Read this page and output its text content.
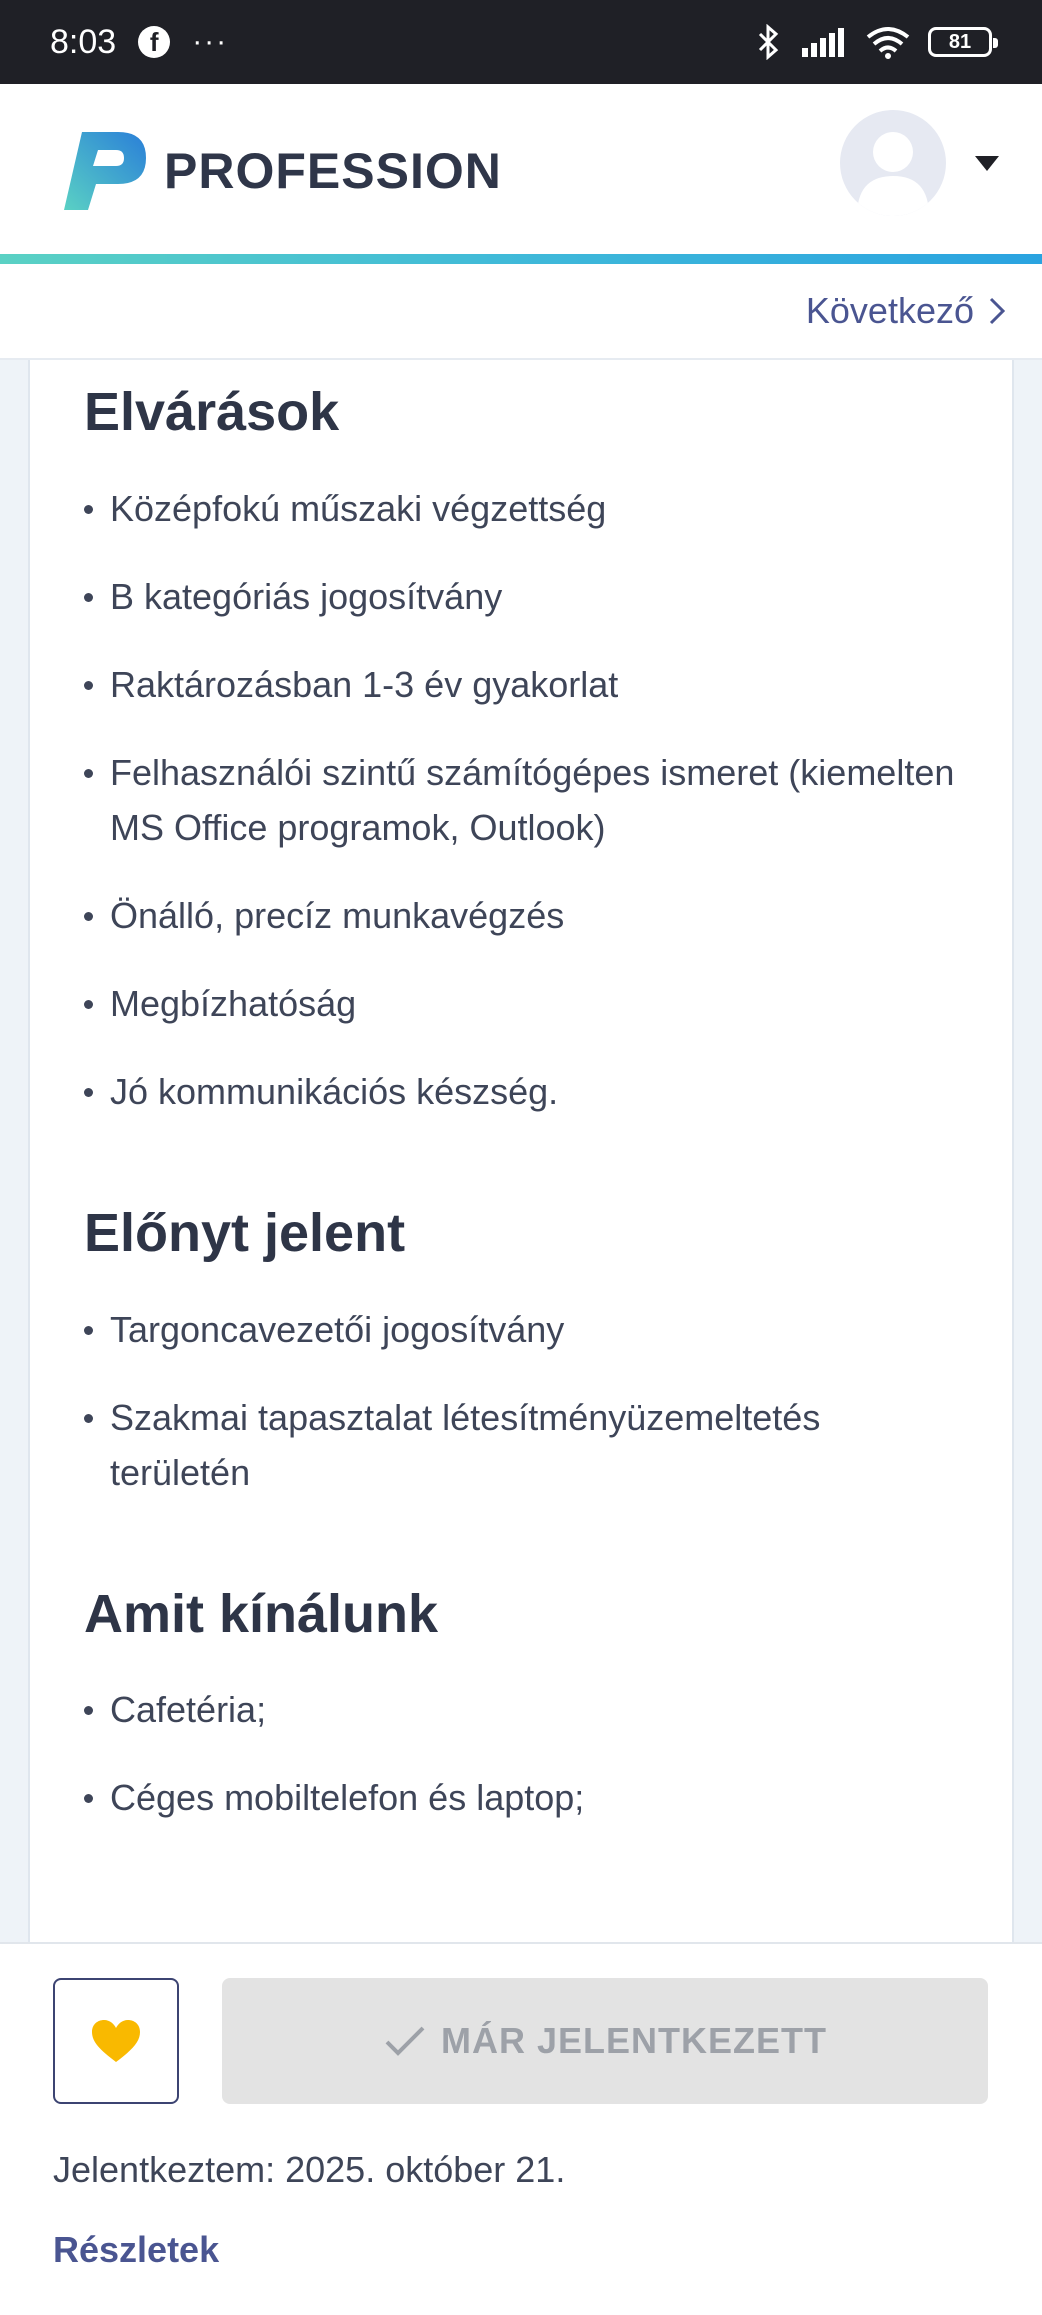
8:03	f	···	81
PROFESSION
Következő
Elvárások
Középfokú műszaki végzettség
B kategóriás jogosítvány
Raktározásban 1-3 év gyakorlat
Felhasználói szintű számítógépes ismeret (kiemelten MS Office programok, Outlook)
Önálló, precíz munkavégzés
Megbízhatóság
Jó kommunikációs készség.
Előnyt jelent
Targoncavezetői jogosítvány
Szakmai tapasztalat létesítményüzemeltetés területén
Amit kínálunk
Cafetéria;
Céges mobiltelefon és laptop;
MÁR JELENTKEZETT
Jelentkeztem: 2025. október 21.
Részletek
